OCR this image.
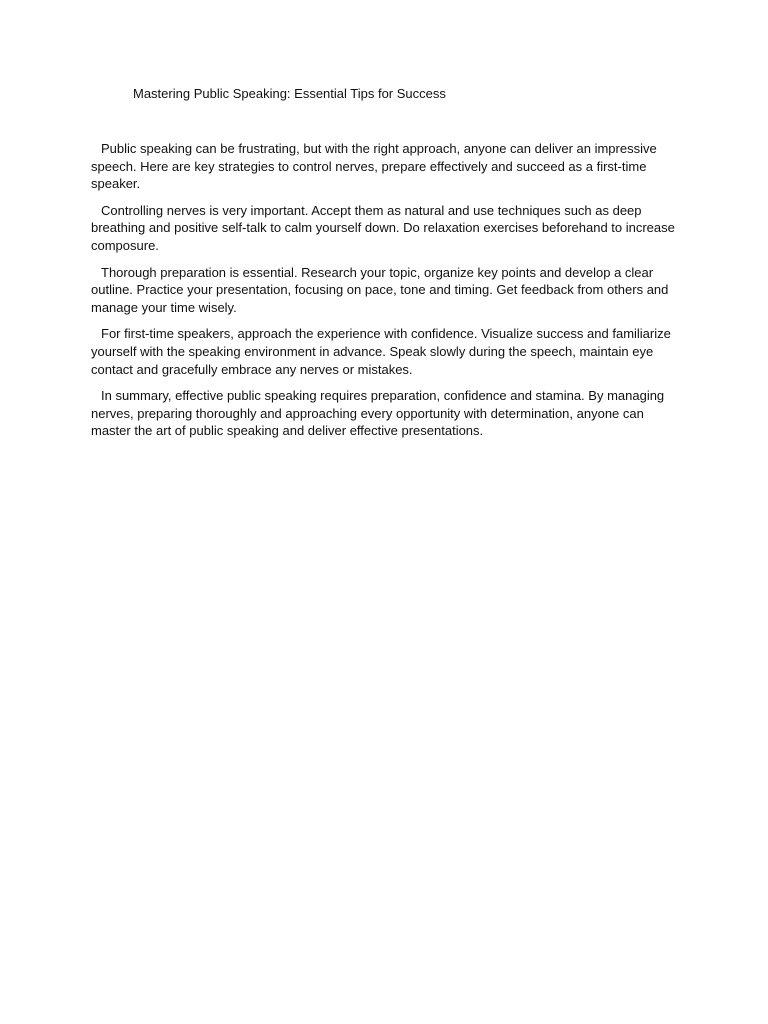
Mastering Public Speaking: Essential Tips for Success

Public speaking can be frustrating, but with the right approach, anyone can deliver an impressive speech. Here are key strategies to control nerves, prepare effectively and succeed as a first-time speaker.

Controlling nerves is very important. Accept them as natural and use techniques such as deep breathing and positive self-talk to calm yourself down. Do relaxation exercises beforehand to increase composure.

Thorough preparation is essential. Research your topic, organize key points and develop a clear outline. Practice your presentation, focusing on pace, tone and timing. Get feedback from others and manage your time wisely.

For first-time speakers, approach the experience with confidence. Visualize success and familiarize yourself with the speaking environment in advance. Speak slowly during the speech, maintain eye contact and gracefully embrace any nerves or mistakes.

In summary, effective public speaking requires preparation, confidence and stamina. By managing nerves, preparing thoroughly and approaching every opportunity with determination, anyone can master the art of public speaking and deliver effective presentations.
